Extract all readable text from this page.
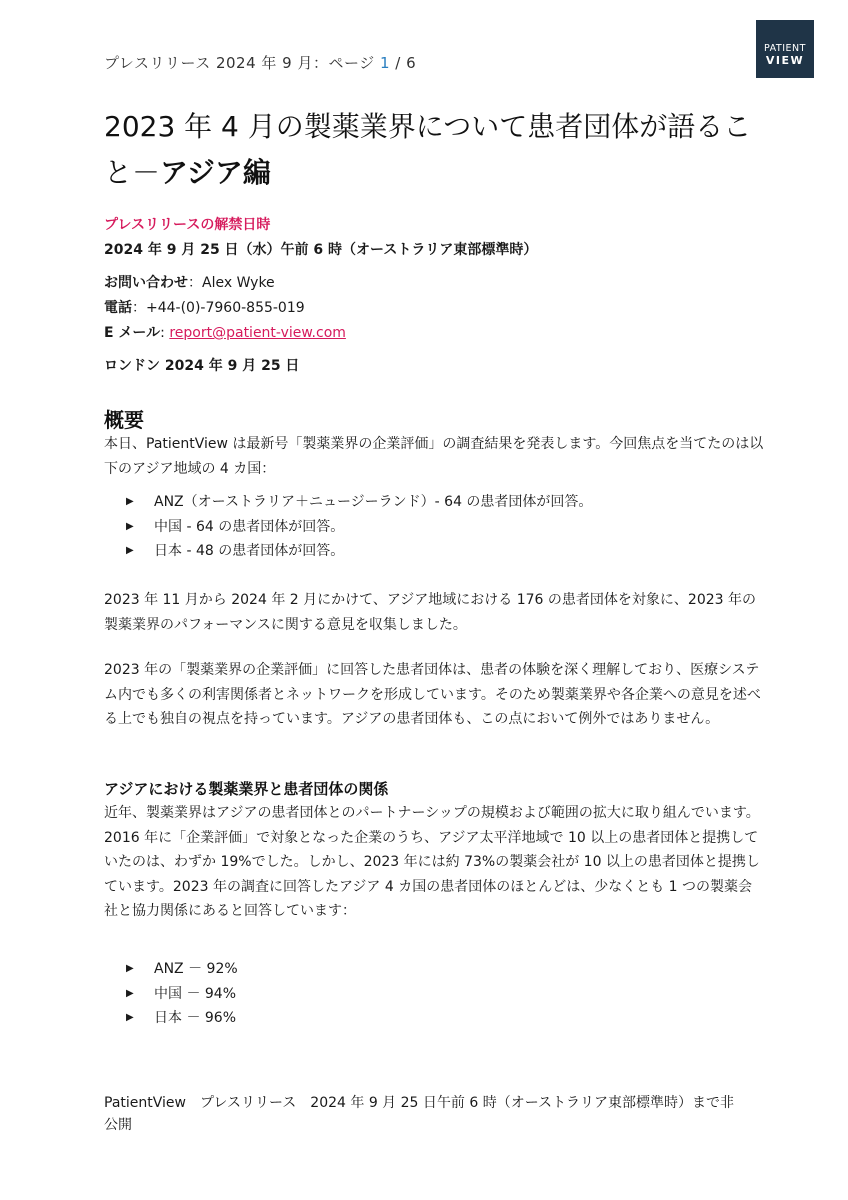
プレスリリース 2024 年 9 月：ページ 1 / 6
PATIENT
VIEW
2023 年 4 月の製薬業界について患者団体が語ること－アジア編
プレスリリースの解禁日時
2024 年 9 月 25 日（水）午前 6 時（オーストラリア東部標準時）
お問い合わせ：Alex Wyke
電話：+44-(0)-7960-855-019
E メール: report@patient-view.com
ロンドン 2024 年 9 月 25 日
概要
本日、PatientView は最新号「製薬業界の企業評価」の調査結果を発表します。今回焦点を当てたのは以下のアジア地域の 4 カ国：
▶ ANZ（オーストラリア＋ニュージーランド）- 64 の患者団体が回答。
▶ 中国 - 64 の患者団体が回答。
▶ 日本 - 48 の患者団体が回答。
2023 年 11 月から 2024 年 2 月にかけて、アジア地域における 176 の患者団体を対象に、2023 年の製薬業界のパフォーマンスに関する意見を収集しました。
2023 年の「製薬業界の企業評価」に回答した患者団体は、患者の体験を深く理解しており、医療システム内でも多くの利害関係者とネットワークを形成しています。そのため製薬業界や各企業への意見を述べる上でも独自の視点を持っています。アジアの患者団体も、この点において例外ではありません。
アジアにおける製薬業界と患者団体の関係
近年、製薬業界はアジアの患者団体とのパートナーシップの規模および範囲の拡大に取り組んでいます。2016 年に「企業評価」で対象となった企業のうち、アジア太平洋地域で 10 以上の患者団体と提携していたのは、わずか 19%でした。しかし、2023 年には約 73%の製薬会社が 10 以上の患者団体と提携しています。2023 年の調査に回答したアジア 4 カ国の患者団体のほとんどは、少なくとも 1 つの製薬会社と協力関係にあると回答しています：
▶ ANZ － 92%
▶ 中国 － 94%
▶ 日本 － 96%
PatientView　プレスリリース　2024 年 9 月 25 日午前 6 時（オーストラリア東部標準時）まで非公開
